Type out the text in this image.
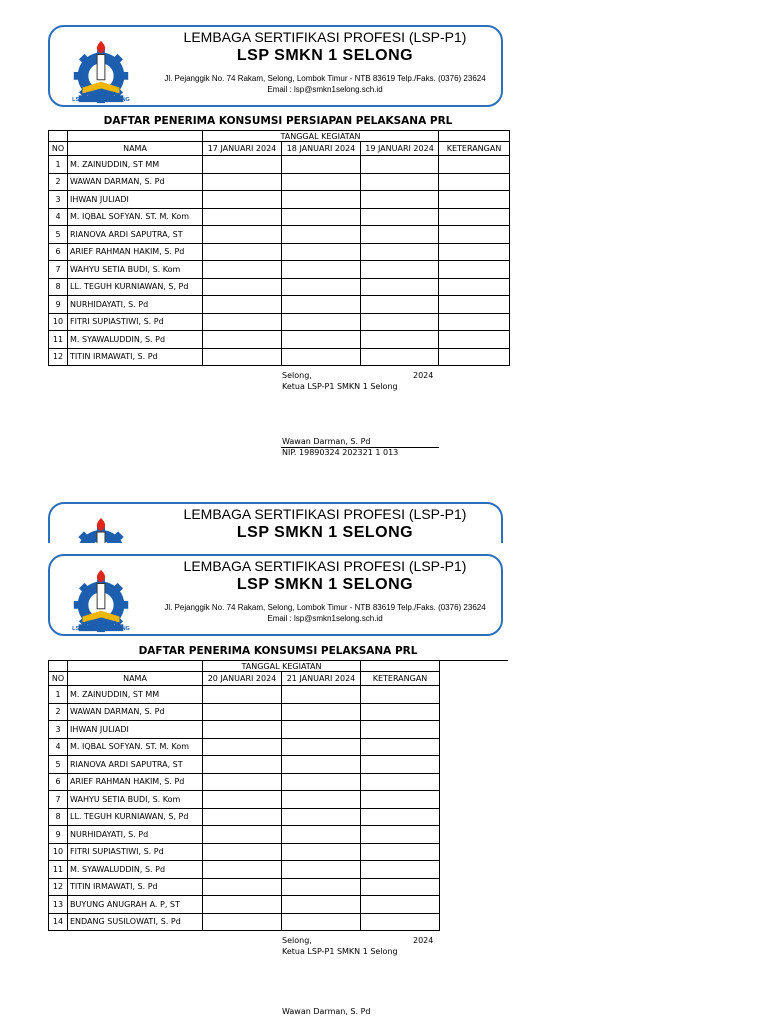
LSP SMKN 1 SELONG
LEMBAGA SERTIFIKASI PROFESI (LSP-P1)
LSP SMKN 1 SELONG
Jl. Pejanggik No. 74 Rakam, Selong, Lombok Timur - NTB 83619 Telp./Faks. (0376) 23624
Email : lsp@smkn1selong.sch.id
DAFTAR PENERIMA KONSUMSI PERSIAPAN PELAKSANA PRL
		TANGGAL KEGIATAN			
NO	NAMA	17 JANUARI 2024	18 JANUARI 2024	19 JANUARI 2024	KETERANGAN
1	M. ZAINUDDIN, ST MM				
2	WAWAN DARMAN, S. Pd				
3	IHWAN JULIADI				
4	M. IQBAL SOFYAN. ST. M. Kom				
5	RIANOVA ARDI SAPUTRA, ST				
6	ARIEF RAHMAN HAKIM, S. Pd				
7	WAHYU SETIA BUDI, S. Kom				
8	LL. TEGUH KURNIAWAN, S, Pd				
9	NURHIDAYATI, S. Pd				
10	FITRI SUPIASTIWI, S. Pd				
11	M. SYAWALUDDIN, S. Pd				
12	TITIN IRMAWATI, S. Pd				
Selong,	2024
Ketua LSP-P1 SMKN 1 Selong
Wawan Darman, S. Pd
NIP. 19890324 202321 1 013
LEMBAGA SERTIFIKASI PROFESI (LSP-P1)
LSP SMKN 1 SELONG
LSP SMKN 1 SELONG
LEMBAGA SERTIFIKASI PROFESI (LSP-P1)
LSP SMKN 1 SELONG
Jl. Pejanggik No. 74 Rakam, Selong, Lombok Timur - NTB 83619 Telp./Faks. (0376) 23624
Email : lsp@smkn1selong.sch.id
DAFTAR PENERIMA KONSUMSI PELAKSANA PRL
		TANGGAL KEGIATAN		
NO	NAMA	20 JANUARI 2024	21 JANUARI 2024	KETERANGAN
1	M. ZAINUDDIN, ST MM			
2	WAWAN DARMAN, S. Pd			
3	IHWAN JULIADI			
4	M. IQBAL SOFYAN. ST. M. Kom			
5	RIANOVA ARDI SAPUTRA, ST			
6	ARIEF RAHMAN HAKIM, S. Pd			
7	WAHYU SETIA BUDI, S. Kom			
8	LL. TEGUH KURNIAWAN, S, Pd			
9	NURHIDAYATI, S. Pd			
10	FITRI SUPIASTIWI, S. Pd			
11	M. SYAWALUDDIN, S. Pd			
12	TITIN IRMAWATI, S. Pd			
13	BUYUNG ANUGRAH A. P, ST			
14	ENDANG SUSILOWATI, S. Pd			
Selong,	2024
Ketua LSP-P1 SMKN 1 Selong
Wawan Darman, S. Pd
